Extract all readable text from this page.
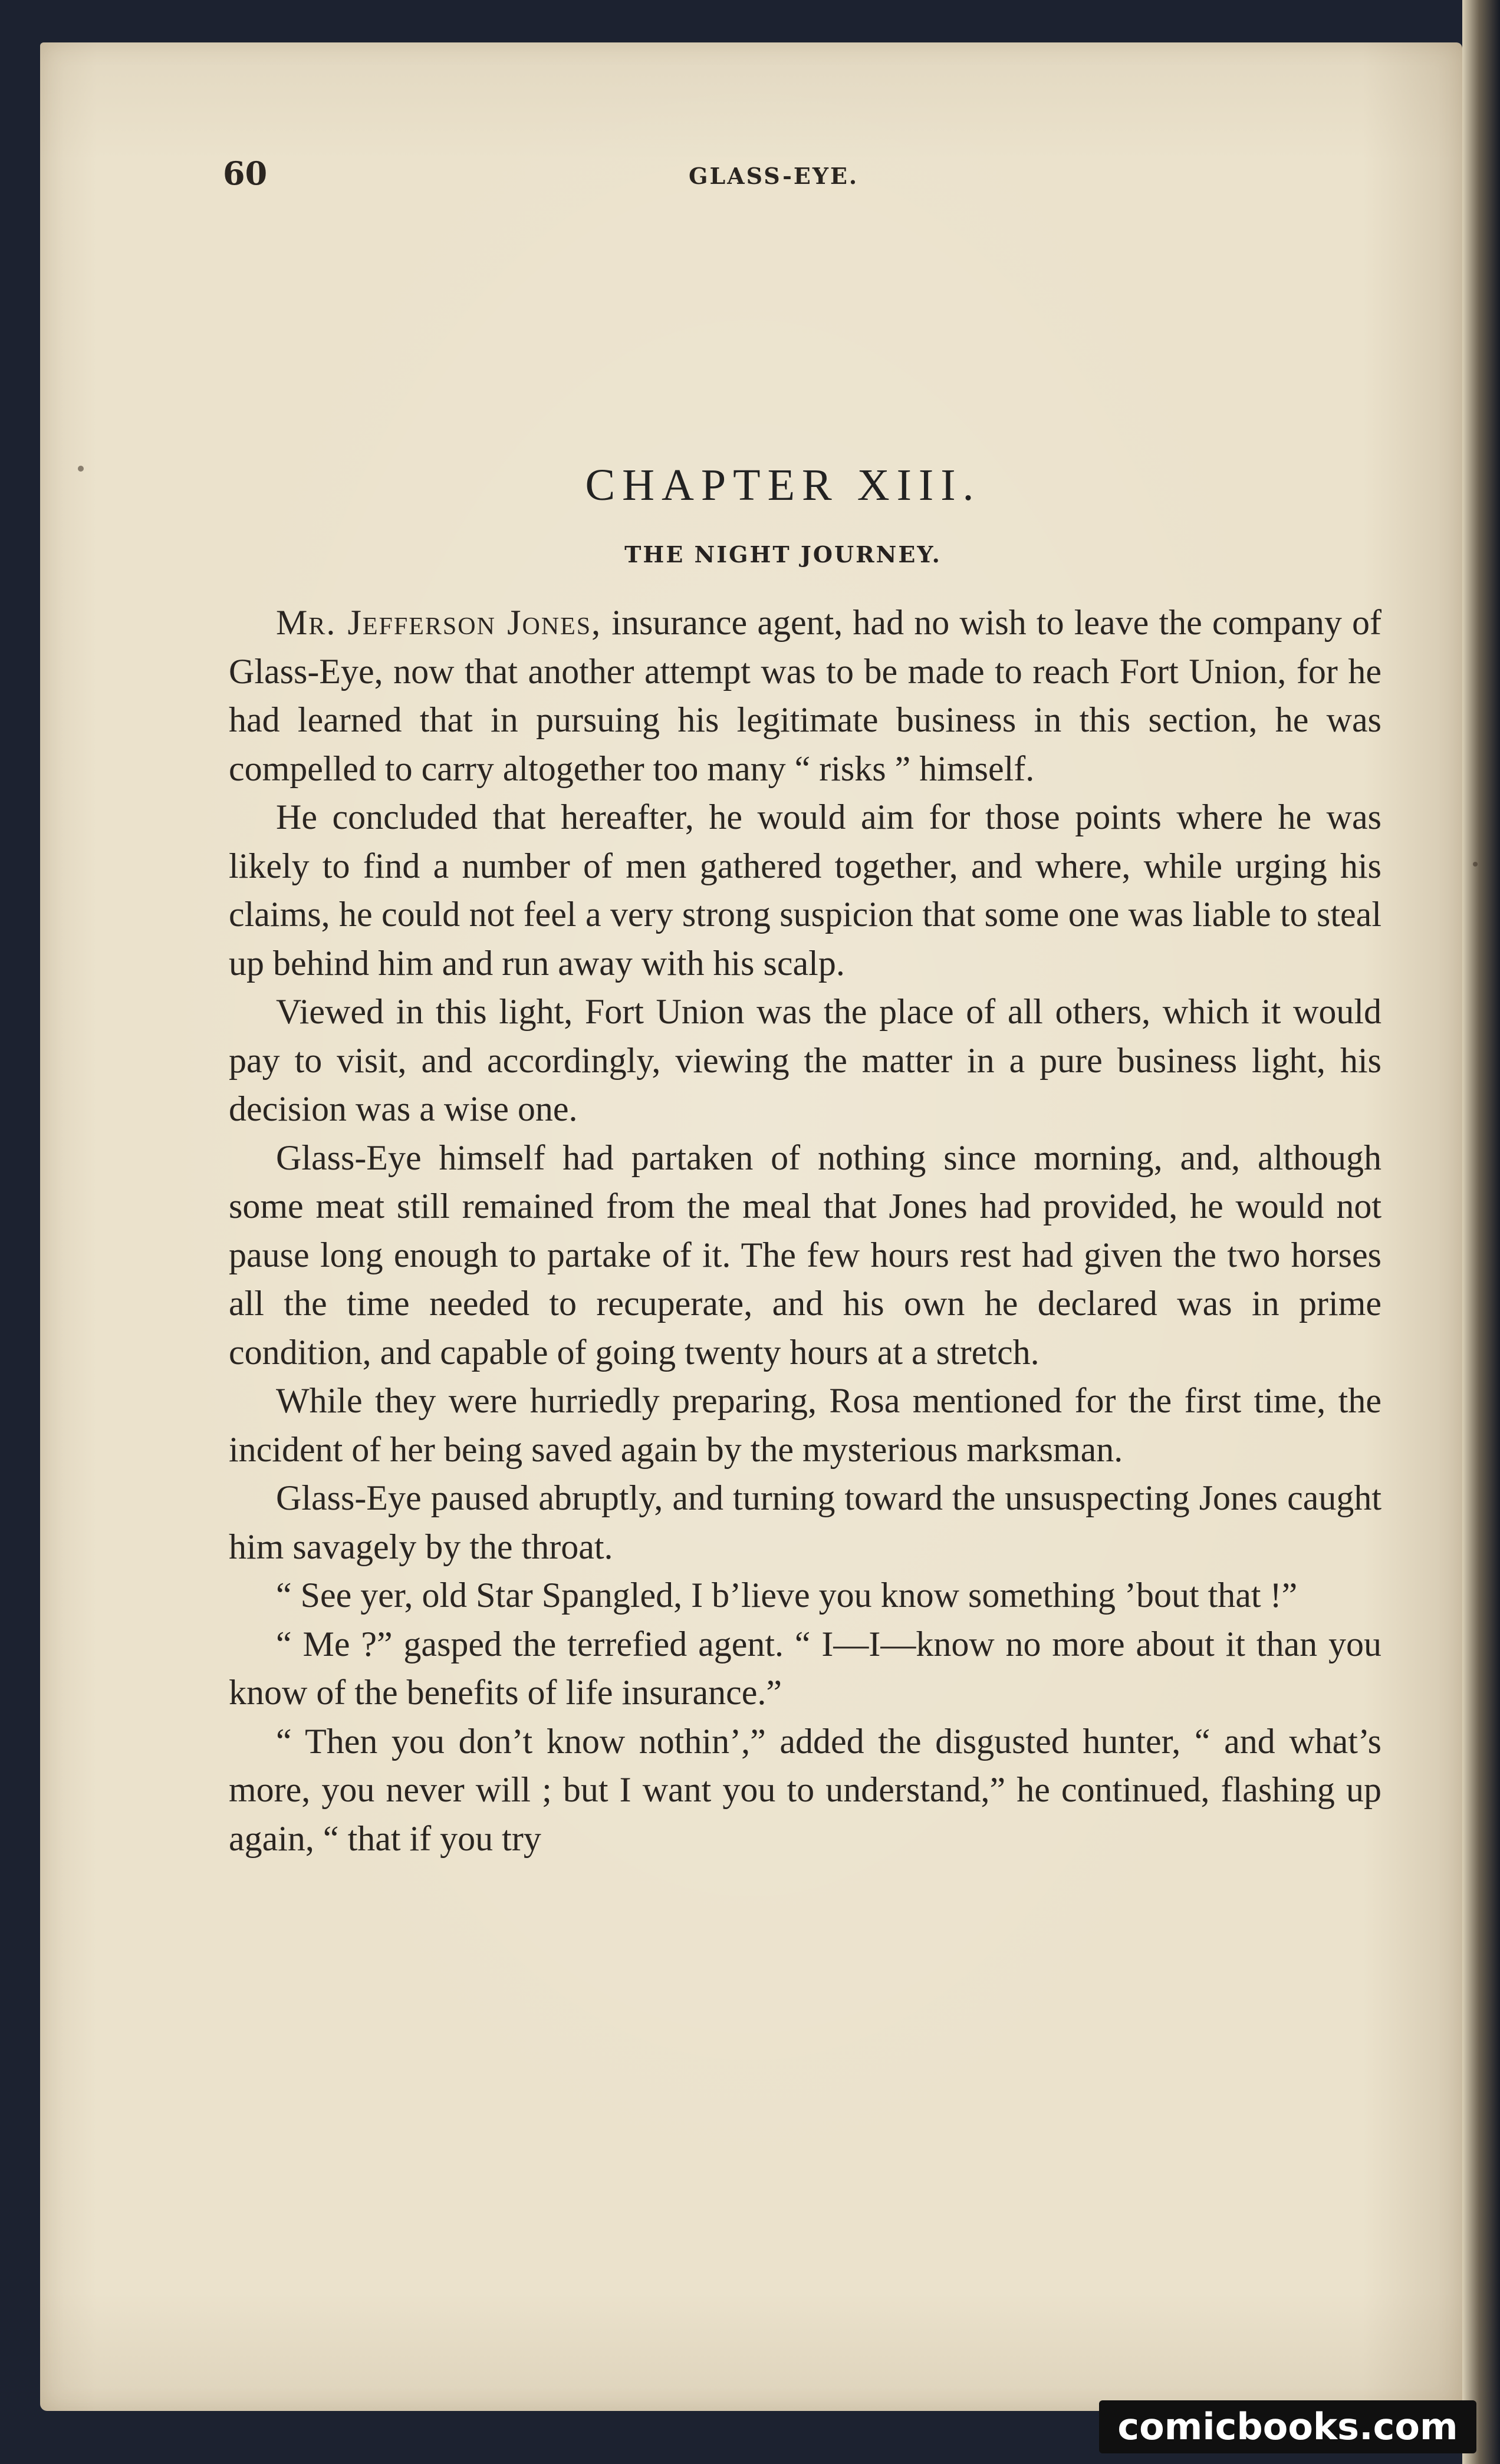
60	GLASS-EYE.
CHAPTER XIII.
THE NIGHT JOURNEY.

Mr. Jefferson Jones, insurance agent, had no wish to leave the company of Glass-Eye, now that another attempt was to be made to reach Fort Union, for he had learned that in pursuing his legitimate business in this section, he was compelled to carry altogether too many “ risks ” himself.

He concluded that hereafter, he would aim for those points where he was likely to find a number of men gathered together, and where, while urging his claims, he could not feel a very strong suspicion that some one was liable to steal up behind him and run away with his scalp.

Viewed in this light, Fort Union was the place of all others, which it would pay to visit, and accordingly, viewing the matter in a pure business light, his decision was a wise one.

Glass-Eye himself had partaken of nothing since morning, and, although some meat still remained from the meal that Jones had provided, he would not pause long enough to partake of it. The few hours rest had given the two horses all the time needed to recuperate, and his own he declared was in prime condition, and capable of going twenty hours at a stretch.

While they were hurriedly preparing, Rosa mentioned for the first time, the incident of her being saved again by the mysterious marksman.

Glass-Eye paused abruptly, and turning toward the unsuspecting Jones caught him savagely by the throat.

“ See yer, old Star Spangled, I b’lieve you know something ’bout that !”

“ Me ?” gasped the terrefied agent. “ I—I—know no more about it than you know of the benefits of life insurance.”

“ Then you don’t know nothin’,” added the disgusted hunter, “ and what’s more, you never will ; but I want you to understand,” he continued, flashing up again, “ that if you try

comicbooks.com
